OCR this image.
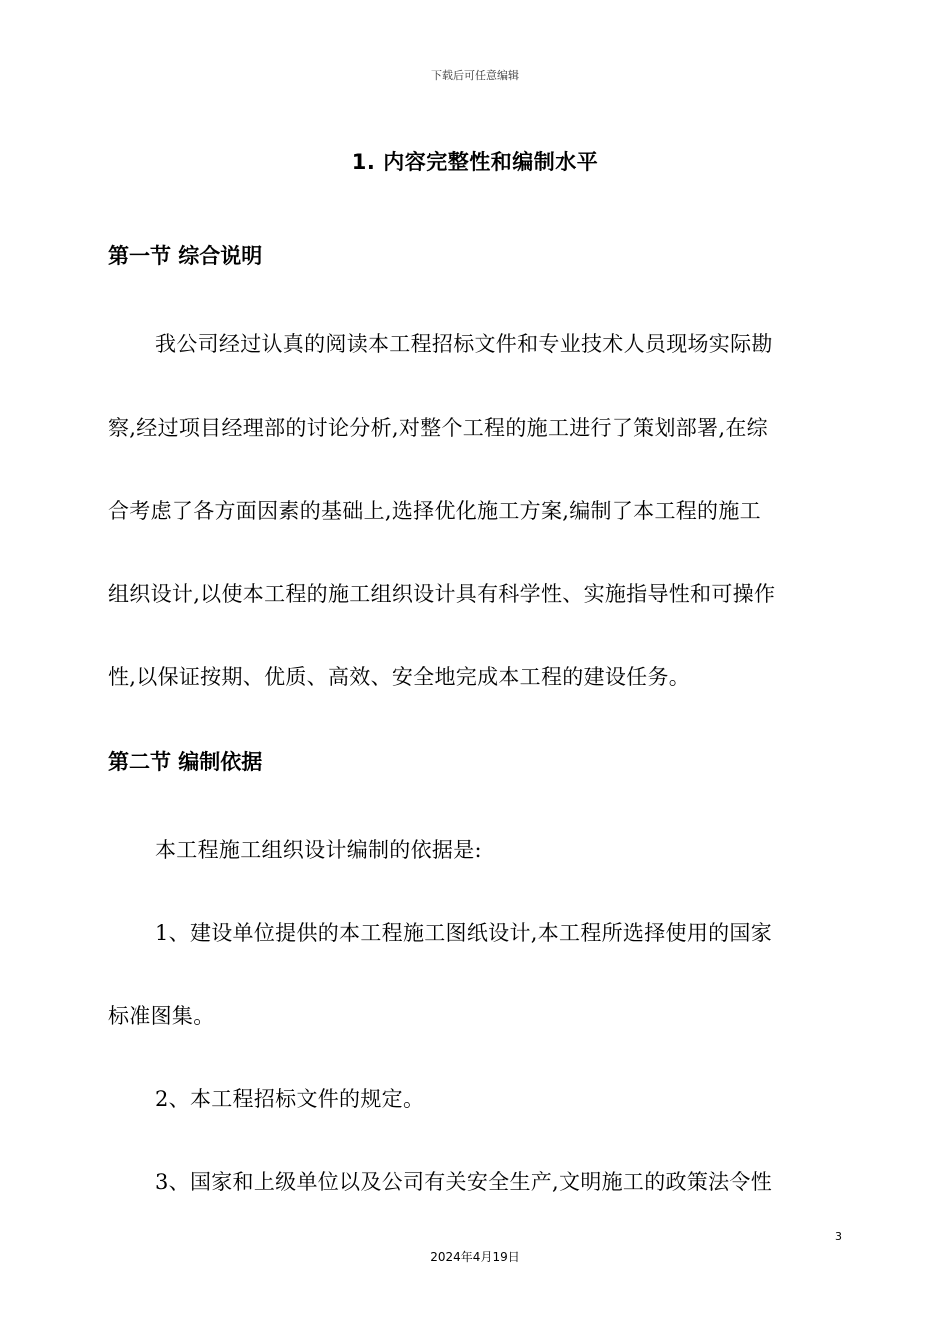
下载后可任意编辑
1. 内容完整性和编制水平
第一节 综合说明
我公司经过认真的阅读本工程招标文件和专业技术人员现场实际勘
察,经过项目经理部的讨论分析,对整个工程的施工进行了策划部署,在综
合考虑了各方面因素的基础上,选择优化施工方案,编制了本工程的施工
组织设计,以使本工程的施工组织设计具有科学性、实施指导性和可操作
性,以保证按期、优质、高效、安全地完成本工程的建设任务。
第二节 编制依据
本工程施工组织设计编制的依据是:
1、建设单位提供的本工程施工图纸设计,本工程所选择使用的国家
标准图集。
2、本工程招标文件的规定。
3、国家和上级单位以及公司有关安全生产,文明施工的政策法令性
3
2024年4月19日
